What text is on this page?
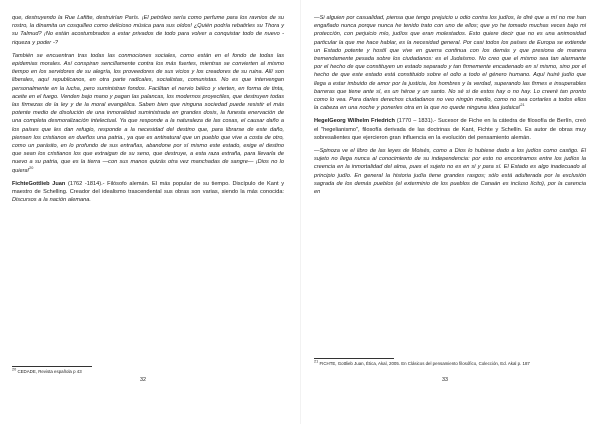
que, destruyendo la Rue Lafitte, destruirían París. ¡El petróleo sería como perfume para los ravnios de su rostro, la dinamita un cosquilleo como delicioso música para sus oídos! ¿Quién podría rebatirles su Thora y su Talmud? ¡No están acostumbrados a estar privados de todo para volver a conquistar todo de nuevo - riqueza y poder -?

También se encuentran tras todas las conmociones sociales, como están en el fondo de todas las epidemias morales. Así conspiran sencillamente contra los más fuertes, mientras se convierten al mismo tiempo en los servidores de su alegría, los proveedores de sus vicios y los creadores de su ruina. Allí son liberales, aquí republicanos, en otra parte radicales, socialistas, comunistas. No es que intervengan personalmente en la lucha, pero suministran fondos. Facilitan el nervio bélico y vierten, en forma de tinta, aceite en el fuego. Venden bajo mano y pagan las palancas, los modernos proyectiles, que destruyen todas las firmezas de la ley y de la moral evangélica. Saben bien que ninguna sociedad puede resistir el más potente medio de disolución de una inmoralidad suministrada en grandes dosis, la funesta enervación de una completa desmoralización intelectual. Ya que responde a la naturaleza de las cosas, el causar daño a los países que les dan refugio, responde a la necesidad del destino que, para librarse de este daño, piensen los cristianos en dueños una patria., ya que es antinatural que un pueblo que vive a costa de otro, como un parásito, en lo profundo de sus entrañas, abandone por sí mismo este estado, exige el destino que sean los cristianos los que extraigan de su seno, que destruye, a esta raza extraña, para llevarla de nuevo a su patria, que es la tierra —con sus manos quizás otra vez manchadas de sangre— ¡Dios no lo quiera!$^{20}$

FichteGottlieb Juan (1762 -1814).- Filósofo alemán. El más popular de su tiempo. Discípulo de Kant y maestro de Schelling. Creador del idealismo trascendental sus obras son varias, siendo la más conocida: Discursos a la nación alemana.

$^{20}$ CEDADE, Revista española p 43
32

—Si alguien por casualidad, piensa que tengo prejuicio u odio contra los judíos, le diré que a mí no me han engañado nunca porque nunca he tenido trato con uno de ellos; que yo he tomado muchas veces bajo mi protección, con perjuicio mío, judíos que eran molestados. Esto quiere decir que no es una animosidad particular la que me hace hablar, es la necesidad general. Por casi todos los países de Europa se extiende un Estado potente y hostil que vive en guerra continua con los demás y que presiona de manera tremendamente pesada sobre los ciudadanos: es el Judaísmo. No creo que el mismo sea tan alarmante por el hecho de que constituyen un estado separado y tan firmemente encadenado en sí mismo, sino por el hecho de que este estado está constituido sobre el odio a todo el género humano. Aquí huiré judío que llega a estar imbuido de amor por la justicia, los hombres y la verdad, superando las firmes e insuperables barreras que tiene ante sí, es un héroe y un santo. No sé si de estos hay o no hay. Lo creeré tan pronto como lo vea. Para darles derechos ciudadanos no veo ningún medio, como no sea cortarles a todos ellos la cabeza en una noche y ponerles otra en la que no quede ninguna idea judaica!$^{21}$

HegelGeorg Wilhelm Friedrich (1770 – 1831).- Sucesor de Fiche en la cátedra de filosofía de Berlín, creó el "hegelianismo", filosofía derivada de las doctrinas de Kant, Fichte y Schellin. Es autor de obras muy sobresalientes que ejercieron gran influencia en la evolución del pensamiento alemán.

—Spinoza ve el libro de las leyes de Moisés, como a Dios lo hubiese dado a los judíos como castigo. El sujeto no llega nunca al conocimiento de su independencia: por esto no encontramos entre los judíos la creencia en la inmortalidad del alma, pues el sujeto no es en sí y para sí. El Estado es algo inadecuado al principio judío. En general la historia judía tiene grandes rasgos; sólo está adulterada por la exclusión sagrada de los demás pueblos (el exterminio de los pueblos de Canaán es incluso lícito), por la carencia en

$^{21}$ FICHTE, Gottlieb Juan, Ética, Akal, 2005. En Clásicos del pensamiento filosófico, Colección, Ed. Akal p. 187
33
